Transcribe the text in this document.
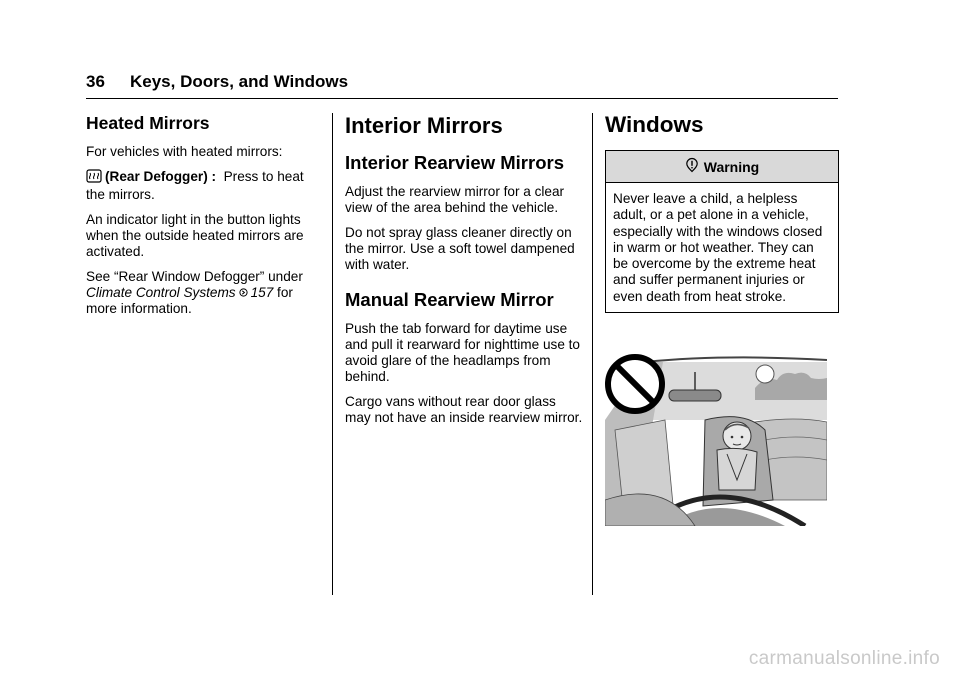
36 Keys, Doors, and Windows
Heated Mirrors

For vehicles with heated mirrors:

(Rear Defogger) : Press to heat the mirrors.

An indicator light in the button lights when the outside heated mirrors are activated.

See “Rear Window Defogger” under Climate Control Systems 157 for more information.

Interior Mirrors
Interior Rearview Mirrors

Adjust the rearview mirror for a clear view of the area behind the vehicle.

Do not spray glass cleaner directly on the mirror. Use a soft towel dampened with water.

Manual Rearview Mirror

Push the tab forward for daytime use and pull it rearward for nighttime use to avoid glare of the headlamps from behind.

Cargo vans without rear door glass may not have an inside rearview mirror.

Windows
Warning
Never leave a child, a helpless adult, or a pet alone in a vehicle, especially with the windows closed in warm or hot weather. They can be overcome by the extreme heat and suffer permanent injuries or even death from heat stroke.
carmanualsonline.info
